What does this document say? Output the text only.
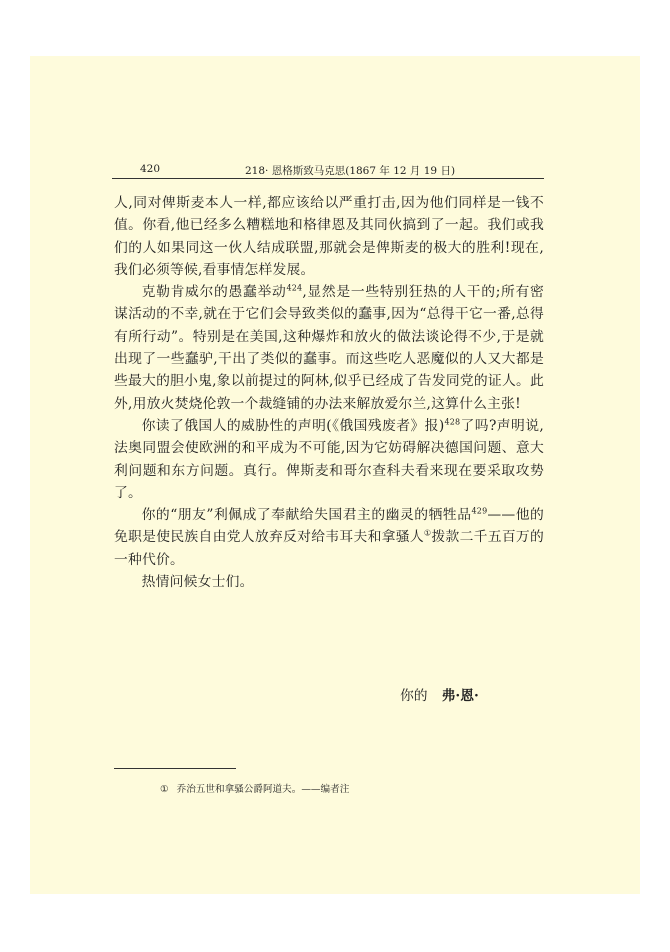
420	218· 恩格斯致马克思(1867 年 12 月 19 日)

人,同对俾斯麦本人一样,都应该给以严重打击,因为他们同样是一钱不值。你看,他已经多么糟糕地和格律恩及其同伙搞到了一起。我们或我们的人如果同这一伙人结成联盟,那就会是俾斯麦的极大的胜利!现在,我们必须等候,看事情怎样发展。

克勒肯威尔的愚蠢举动$^{424}$,显然是一些特别狂热的人干的;所有密谋活动的不幸,就在于它们会导致类似的蠢事,因为“总得干它一番,总得有所行动”。特别是在美国,这种爆炸和放火的做法谈论得不少,于是就出现了一些蠢驴,干出了类似的蠢事。而这些吃人恶魔似的人又大都是些最大的胆小鬼,象以前提过的阿林,似乎已经成了告发同党的证人。此外,用放火焚烧伦敦一个裁缝铺的办法来解放爱尔兰,这算什么主张!

你读了俄国人的威胁性的声明(《俄国残废者》报)$^{428}$了吗?声明说,法奥同盟会使欧洲的和平成为不可能,因为它妨碍解决德国问题、意大利问题和东方问题。真行。俾斯麦和哥尔查科夫看来现在要采取攻势了。

你的“朋友”利佩成了奉献给失国君主的幽灵的牺牲品$^{429}$——他的免职是使民族自由党人放弃反对给韦耳夫和拿骚人①拨款二千五百万的一种代价。

热情问候女士们。

你的 弗·恩·
① 乔治五世和拿骚公爵阿道夫。——编者注
